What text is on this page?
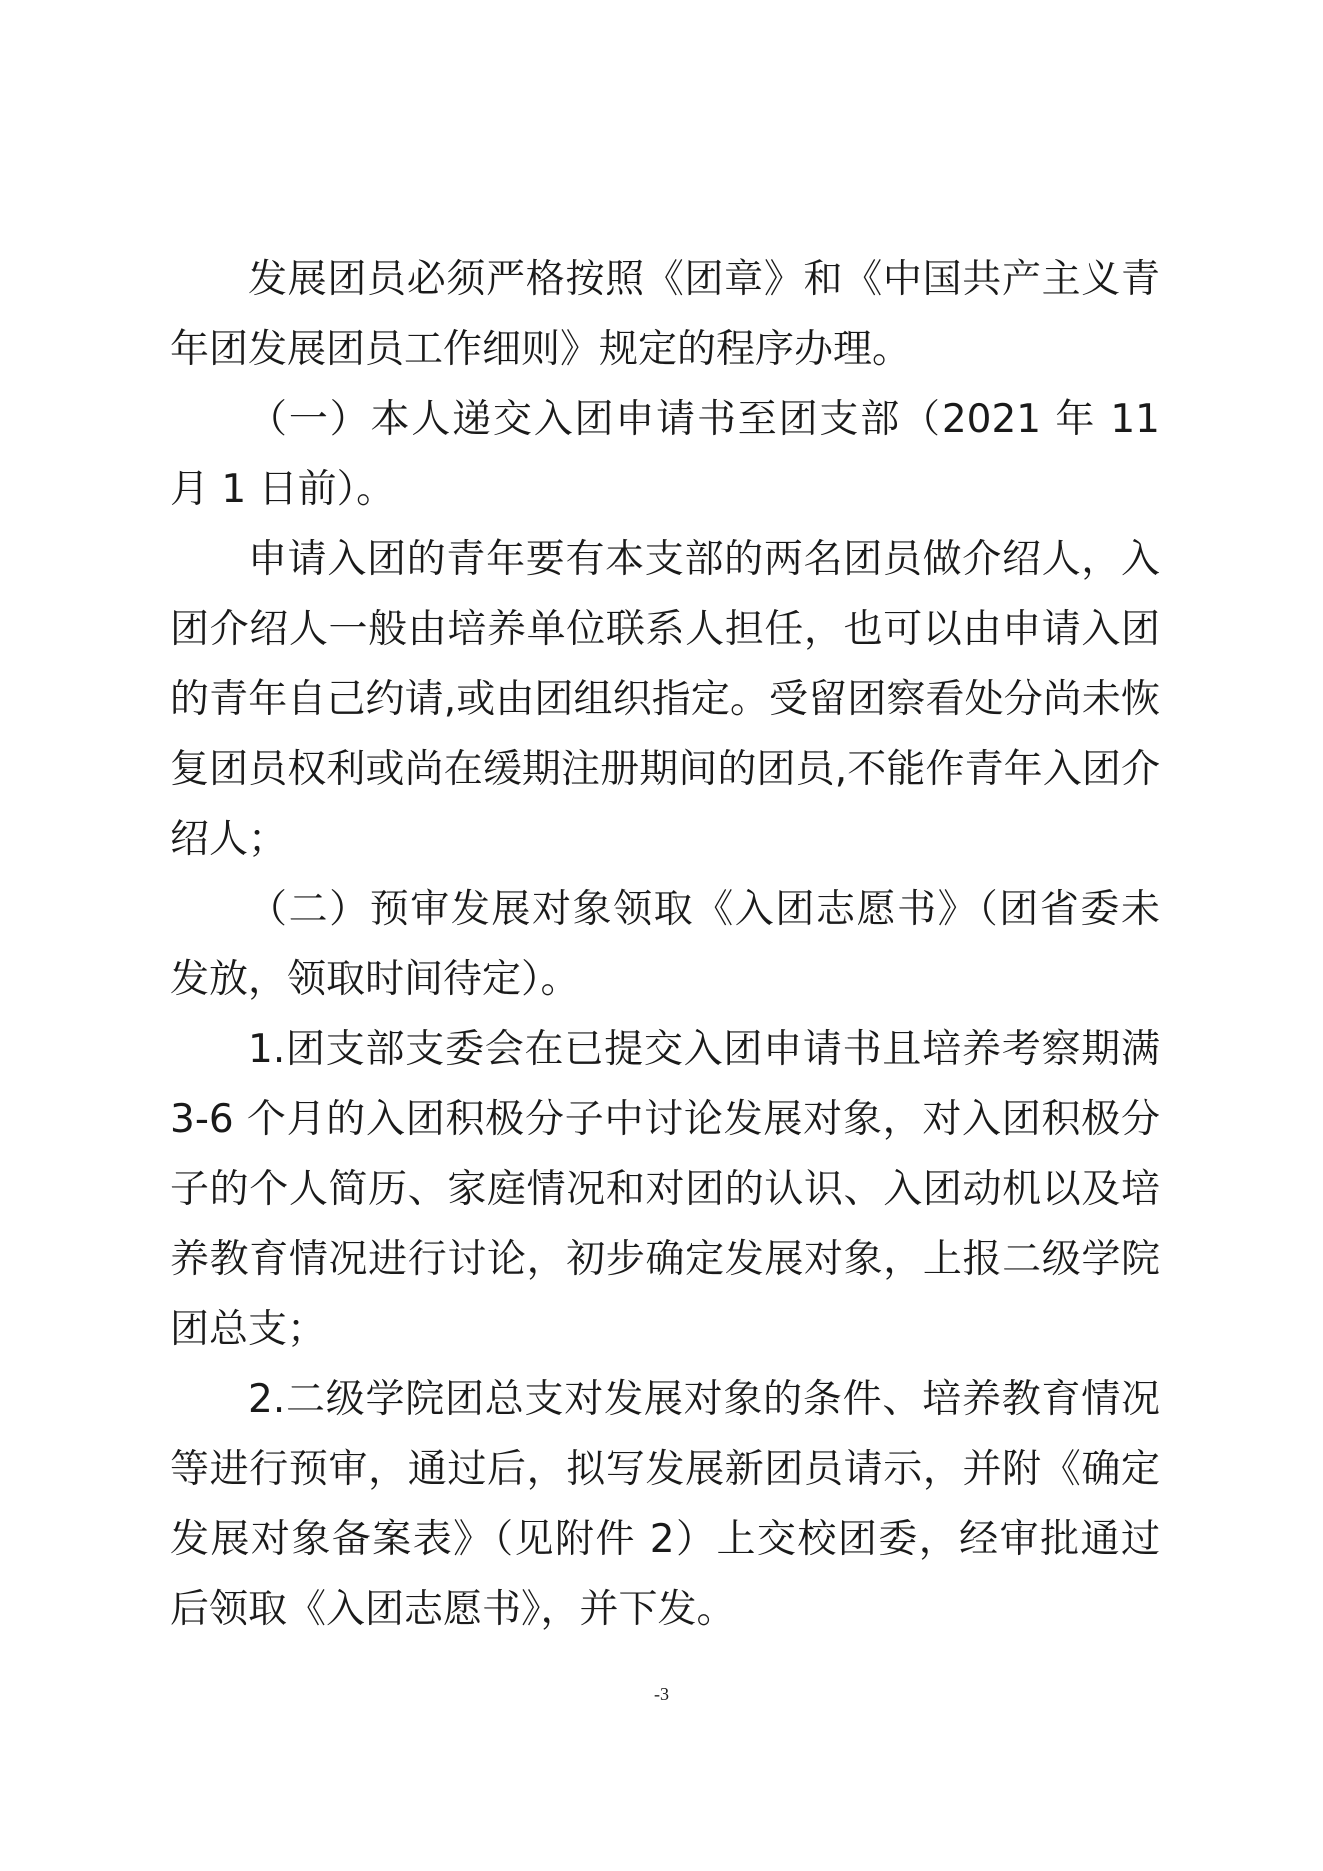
发展团员必须严格按照《团章》和《中国共产主义青年团发展团员工作细则》规定的程序办理。

（一）本人递交入团申请书至团支部（2021 年 11 月 1 日前）。

申请入团的青年要有本支部的两名团员做介绍人，入团介绍人一般由培养单位联系人担任，也可以由申请入团的青年自己约请,或由团组织指定。受留团察看处分尚未恢复团员权利或尚在缓期注册期间的团员,不能作青年入团介绍人；

（二）预审发展对象领取《入团志愿书》（团省委未发放，领取时间待定）。

1.团支部支委会在已提交入团申请书且培养考察期满 3-6 个月的入团积极分子中讨论发展对象，对入团积极分子的个人简历、家庭情况和对团的认识、入团动机以及培养教育情况进行讨论，初步确定发展对象，上报二级学院团总支；

2.二级学院团总支对发展对象的条件、培养教育情况等进行预审，通过后，拟写发展新团员请示，并附《确定发展对象备案表》（见附件 2）上交校团委，经审批通过后领取《入团志愿书》，并下发。

-3
